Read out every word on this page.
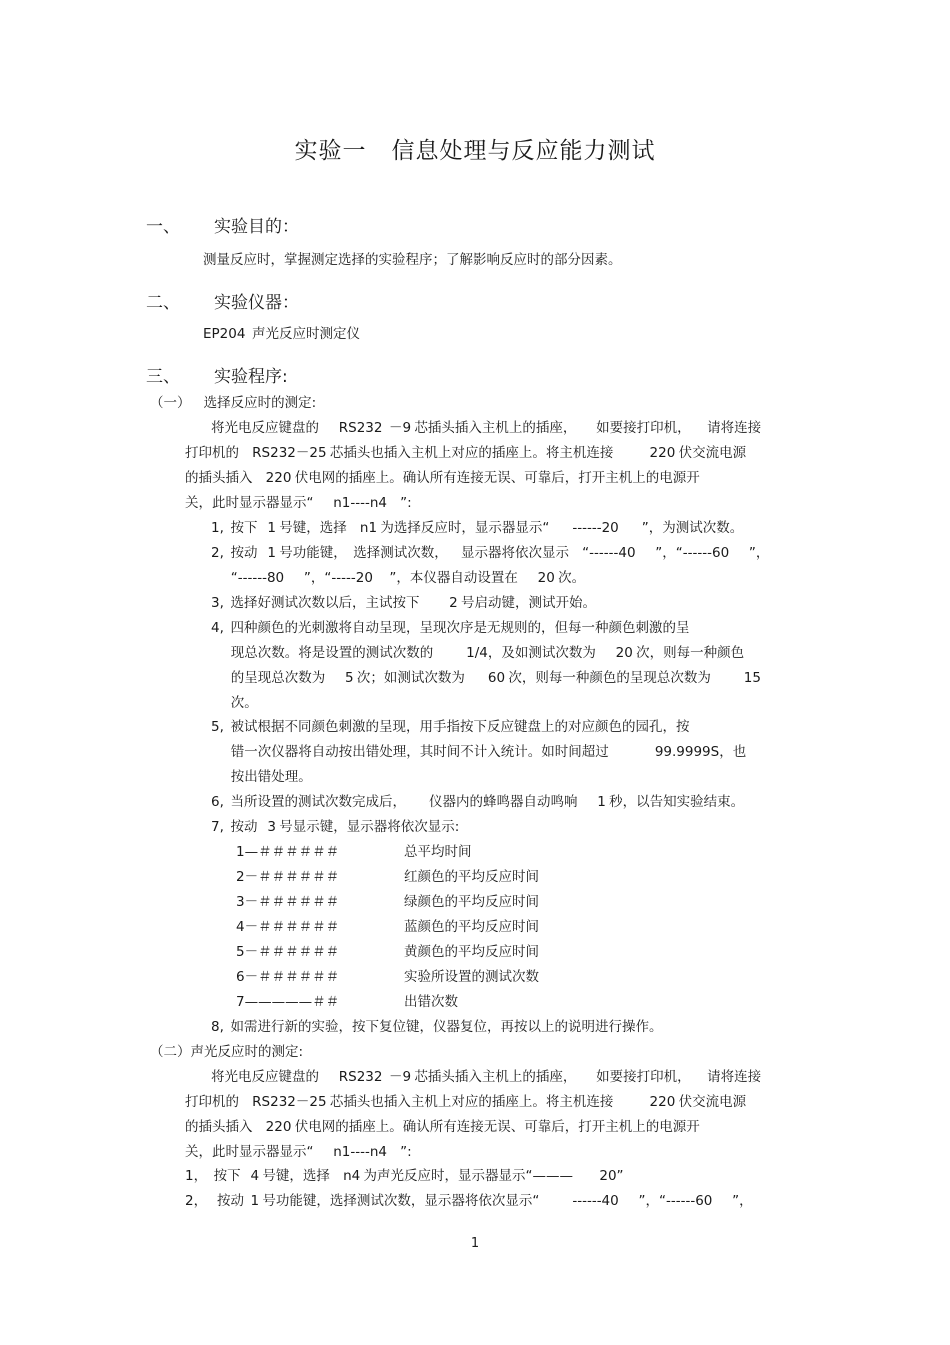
实验一   信息处理与反应能力测试
一、 实验目的：
测量反应时，掌握测定选择的实验程序；了解影响反应时的部分因素。
二、 实验仪器：
EP204  声光反应时测定仪
三、 实验程序:
（一）    选择反应时的测定:
将光电反应键盘的      RS232  －9 芯插头插入主机上的插座，      如要接打印机，     请将连接
打印机的    RS232－25 芯插头也插入主机上对应的插座上。将主机连接           220 伏交流电源
的插头插入    220 伏电网的插座上。确认所有连接无误、可靠后，打开主机上的电源开
关，此时显示器显示“      n1----n4    ”:
1,  按下   1 号键，选择    n1 为选择反应时，显示器显示“       ------20       ”，为测试次数。
2,  按动   1 号功能键，  选择测试次数，    显示器将依次显示    “------40      ”，“------60      ”，
“------80      ”，“-----20     ”，本仪器自动设置在      20 次。
3,  选择好测试次数以后，主试按下         2 号启动键，测试开始。
4,  四种颜色的光刺激将自动呈现，呈现次序是无规则的，但每一种颜色刺激的呈
现总次数。将是设置的测试次数的          1/4，及如测试次数为      20 次，则每一种颜色
的呈现总次数为      5 次；如测试次数为       60 次，则每一种颜色的呈现总次数为          15
次。
5,  被试根据不同颜色刺激的呈现，用手指按下反应键盘上的对应颜色的园孔，按
错一次仪器将自动按出错处理，其时间不计入统计。如时间超过              99.9999S，也
按出错处理。
6,  当所设置的测试次数完成后，       仪器内的蜂鸣器自动鸣响      1 秒，以告知实验结束。
7,  按动   3 号显示键，显示器将依次显示:
1—＃＃＃＃＃＃	总平均时间
2－＃＃＃＃＃＃	红颜色的平均反应时间
3－＃＃＃＃＃＃	绿颜色的平均反应时间
4－＃＃＃＃＃＃	蓝颜色的平均反应时间
5－＃＃＃＃＃＃	黄颜色的平均反应时间
6－＃＃＃＃＃＃	实验所设置的测试次数
7—————＃＃	出错次数
8,  如需进行新的实验，按下复位键，仪器复位，再按以上的说明进行操作。
（二）声光反应时的测定:
将光电反应键盘的      RS232  －9 芯插头插入主机上的插座，      如要接打印机，     请将连接
打印机的    RS232－25 芯插头也插入主机上对应的插座上。将主机连接           220 伏交流电源
的插头插入    220 伏电网的插座上。确认所有连接无误、可靠后，打开主机上的电源开
关，此时显示器显示“      n1----n4    ”:
1，  按下   4 号键，选择    n4 为声光反应时，显示器显示“———        20”
2，   按动  1 号功能键，选择测试次数，显示器将依次显示“          ------40      ”，“------60      ”，
1
